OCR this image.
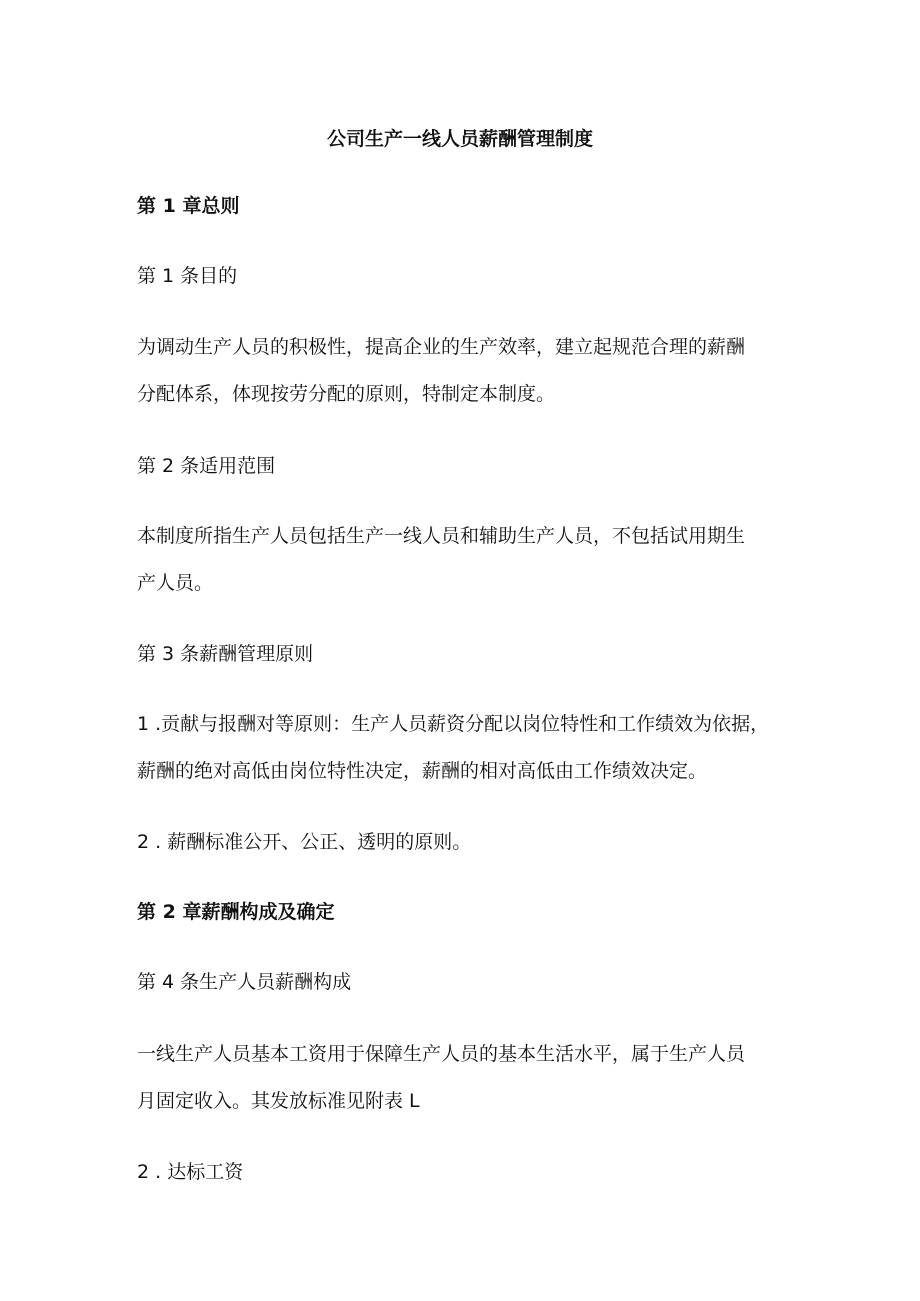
公司生产一线人员薪酬管理制度
第 1 章总则
第 1 条目的
为调动生产人员的积极性，提高企业的生产效率，建立起规范合理的薪酬
分配体系，体现按劳分配的原则，特制定本制度。
第 2 条适用范围
本制度所指生产人员包括生产一线人员和辅助生产人员，不包括试用期生
产人员。
第 3 条薪酬管理原则
1 .贡献与报酬对等原则：生产人员薪资分配以岗位特性和工作绩效为依据，
薪酬的绝对高低由岗位特性决定，薪酬的相对高低由工作绩效决定。
2 . 薪酬标准公开、公正、透明的原则。
第 2 章薪酬构成及确定
第 4 条生产人员薪酬构成
一线生产人员基本工资用于保障生产人员的基本生活水平，属于生产人员
月固定收入。其发放标准见附表 L
2 . 达标工资
